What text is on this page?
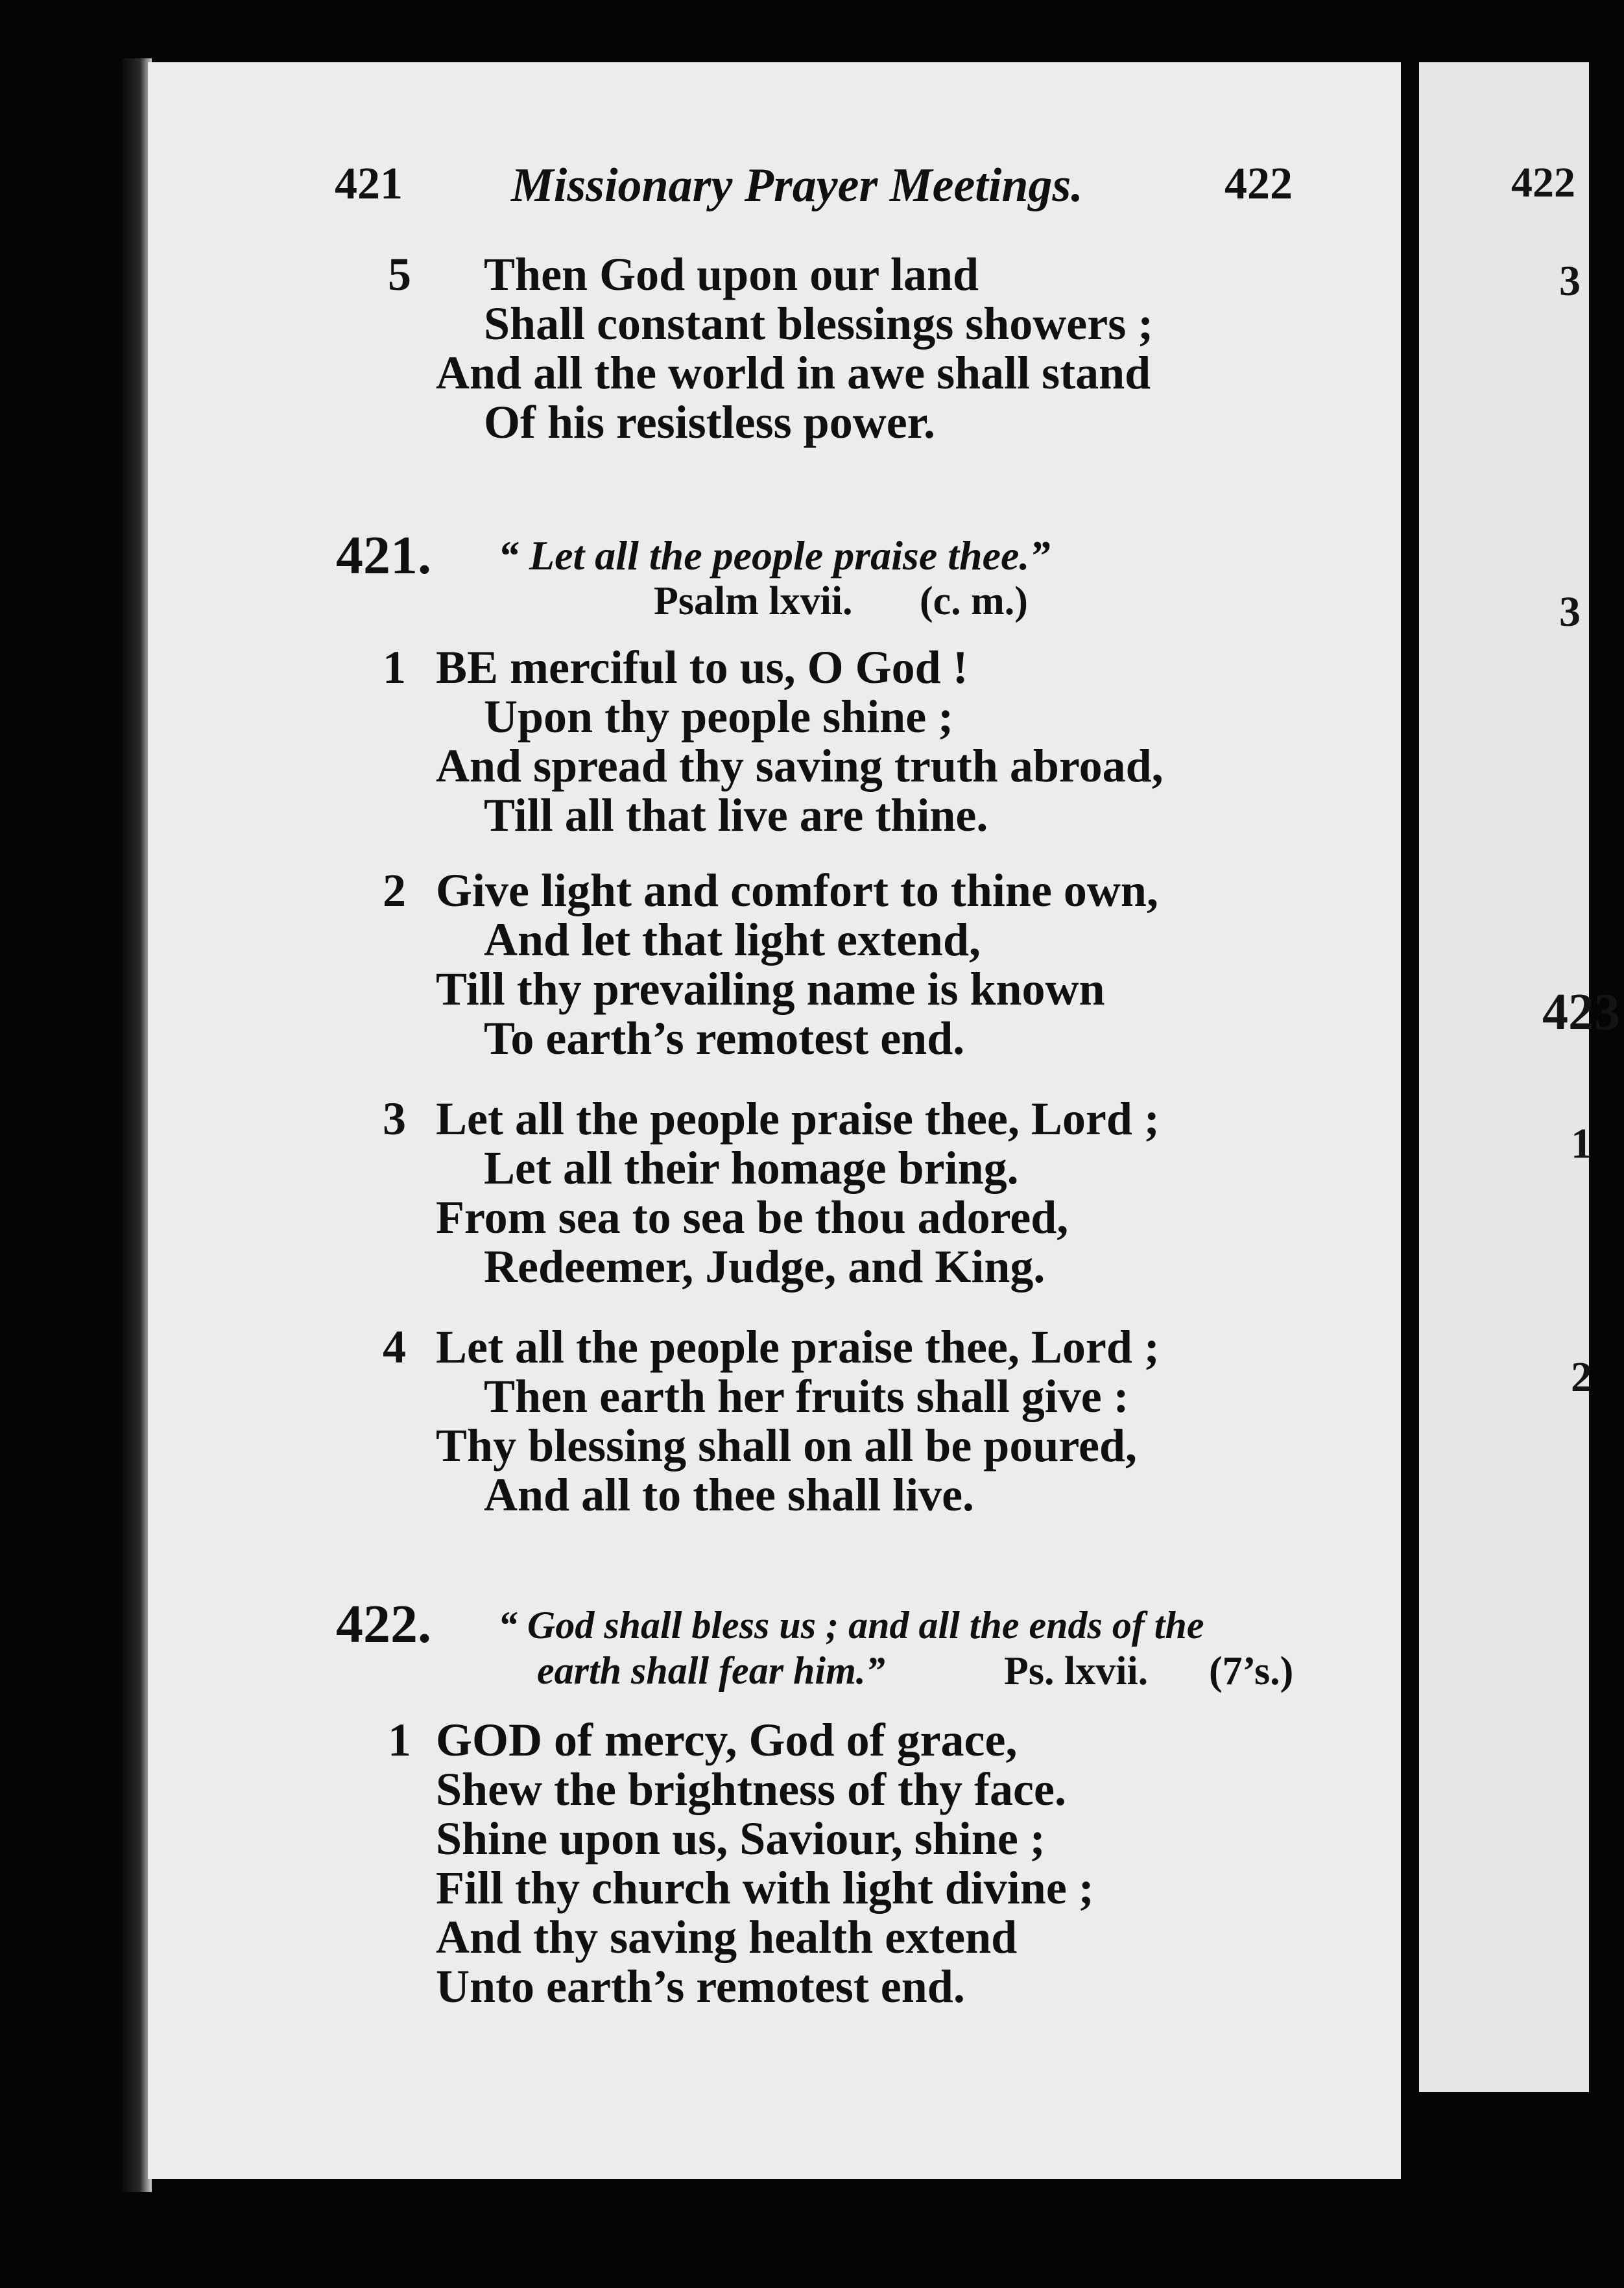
421 Missionary Prayer Meetings.	422
5 Then God upon our land
Shall constant blessings showers ;
And all the world in awe shall stand
Of his resistless power.
421. “ Let all the people praise thee.”
Psalm lxvii. (c. m.)
1 BE merciful to us, O God !
Upon thy people shine ;
And spread thy saving truth abroad,
Till all that live are thine.
2 Give light and comfort to thine own,
And let that light extend,
Till thy prevailing name is known
To earth’s remotest end.
3 Let all the people praise thee, Lord ;
Let all their homage bring.
From sea to sea be thou adored,
Redeemer, Judge, and King.
4 Let all the people praise thee, Lord ;
Then earth her fruits shall give :
Thy blessing shall on all be poured,
And all to thee shall live.
422. “ God shall bless us ; and all the ends of the
earth shall fear him.”	Ps. lxvii. (7’s.)
1 GOD of mercy, God of grace,
Shew the brightness of thy face.
Shine upon us, Saviour, shine ;
Fill thy church with light divine ;
And thy saving health extend
Unto earth’s remotest end.
422
3
3
423
1
2
